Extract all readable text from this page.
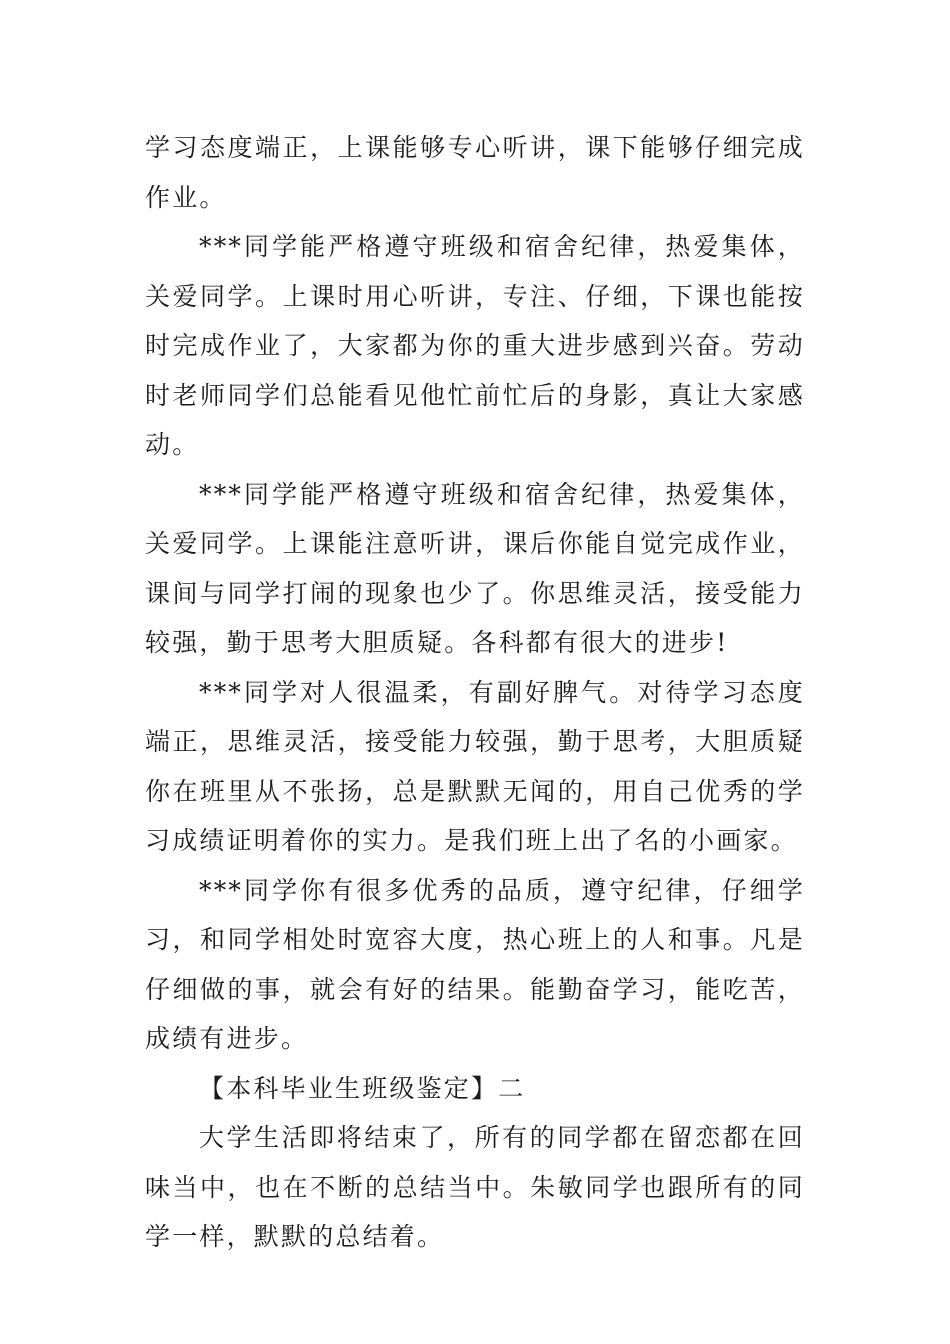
学习态度端正，上课能够专心听讲，课下能够仔细完成作业。

***同学能严格遵守班级和宿舍纪律，热爱集体，关爱同学。上课时用心听讲，专注、仔细，下课也能按时完成作业了，大家都为你的重大进步感到兴奋。劳动时老师同学们总能看见他忙前忙后的身影，真让大家感动。

***同学能严格遵守班级和宿舍纪律，热爱集体，关爱同学。上课能注意听讲，课后你能自觉完成作业，课间与同学打闹的现象也少了。你思维灵活，接受能力较强，勤于思考大胆质疑。各科都有很大的进步!

***同学对人很温柔，有副好脾气。对待学习态度端正，思维灵活，接受能力较强，勤于思考，大胆质疑你在班里从不张扬，总是默默无闻的，用自己优秀的学习成绩证明着你的实力。是我们班上出了名的小画家。

***同学你有很多优秀的品质，遵守纪律，仔细学习，和同学相处时宽容大度，热心班上的人和事。凡是仔细做的事，就会有好的结果。能勤奋学习，能吃苦，成绩有进步。

【本科毕业生班级鉴定】二

大学生活即将结束了，所有的同学都在留恋都在回味当中，也在不断的总结当中。朱敏同学也跟所有的同学一样，默默的总结着。
